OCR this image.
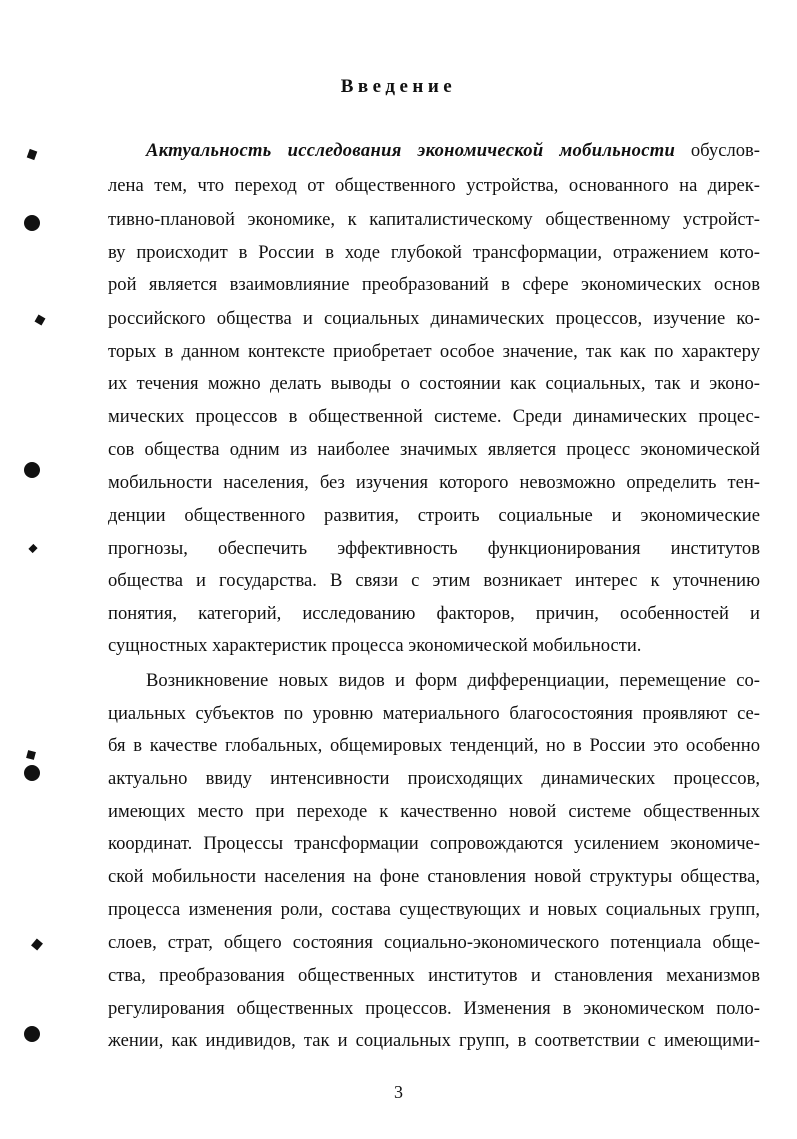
Введение
Актуальность исследования экономической мобильности обуслов-
лена тем, что переход от общественного устройства, основанного на дирек-
тивно-плановой экономике, к капиталистическому общественному устройст-
ву происходит в России в ходе глубокой трансформации, отражением кото-
рой является взаимовлияние преобразований в сфере экономических основ
российского общества и социальных динамических процессов, изучение ко-
торых в данном контексте приобретает особое значение, так как по характеру
их течения можно делать выводы о состоянии как социальных, так и эконо-
мических процессов в общественной системе. Среди динамических процес-
сов общества одним из наиболее значимых является процесс экономической
мобильности населения, без изучения которого невозможно определить тен-
денции общественного развития, строить социальные и экономические
прогнозы, обеспечить эффективность функционирования институтов
общества и государства. В связи с этим возникает интерес к уточнению
понятия, категорий, исследованию факторов, причин, особенностей и
сущностных характеристик процесса экономической мобильности.
Возникновение новых видов и форм дифференциации, перемещение со-
циальных субъектов по уровню материального благосостояния проявляют се-
бя в качестве глобальных, общемировых тенденций, но в России это особенно
актуально ввиду интенсивности происходящих динамических процессов,
имеющих место при переходе к качественно новой системе общественных
координат. Процессы трансформации сопровождаются усилением экономиче-
ской мобильности населения на фоне становления новой структуры общества,
процесса изменения роли, состава существующих и новых социальных групп,
слоев, страт, общего состояния социально-экономического потенциала обще-
ства, преобразования общественных институтов и становления механизмов
регулирования общественных процессов. Изменения в экономическом поло-
жении, как индивидов, так и социальных групп, в соответствии с имеющими-
3
